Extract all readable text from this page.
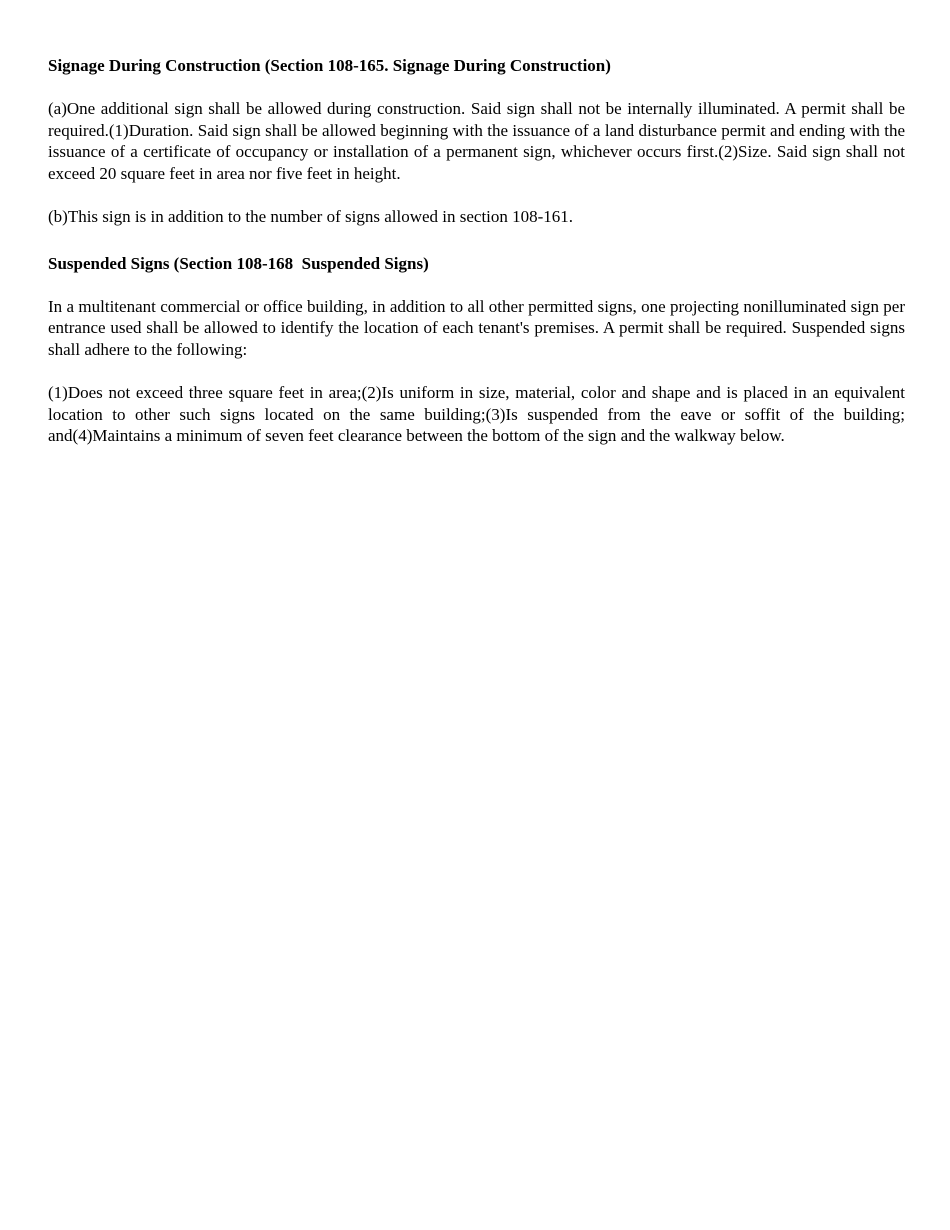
Signage During Construction (Section 108-165. Signage During Construction)

(a)One additional sign shall be allowed during construction. Said sign shall not be internally illuminated. A permit shall be required.(1)Duration. Said sign shall be allowed beginning with the issuance of a land disturbance permit and ending with the issuance of a certificate of occupancy or installation of a permanent sign, whichever occurs first.(2)Size. Said sign shall not exceed 20 square feet in area nor five feet in height.

(b)This sign is in addition to the number of signs allowed in section 108-161.

Suspended Signs (Section 108-168  Suspended Signs)

In a multitenant commercial or office building, in addition to all other permitted signs, one projecting nonilluminated sign per entrance used shall be allowed to identify the location of each tenant's premises. A permit shall be required. Suspended signs shall adhere to the following:

(1)Does not exceed three square feet in area;(2)Is uniform in size, material, color and shape and is placed in an equivalent location to other such signs located on the same building;(3)Is suspended from the eave or soffit of the building; and(4)Maintains a minimum of seven feet clearance between the bottom of the sign and the walkway below.
